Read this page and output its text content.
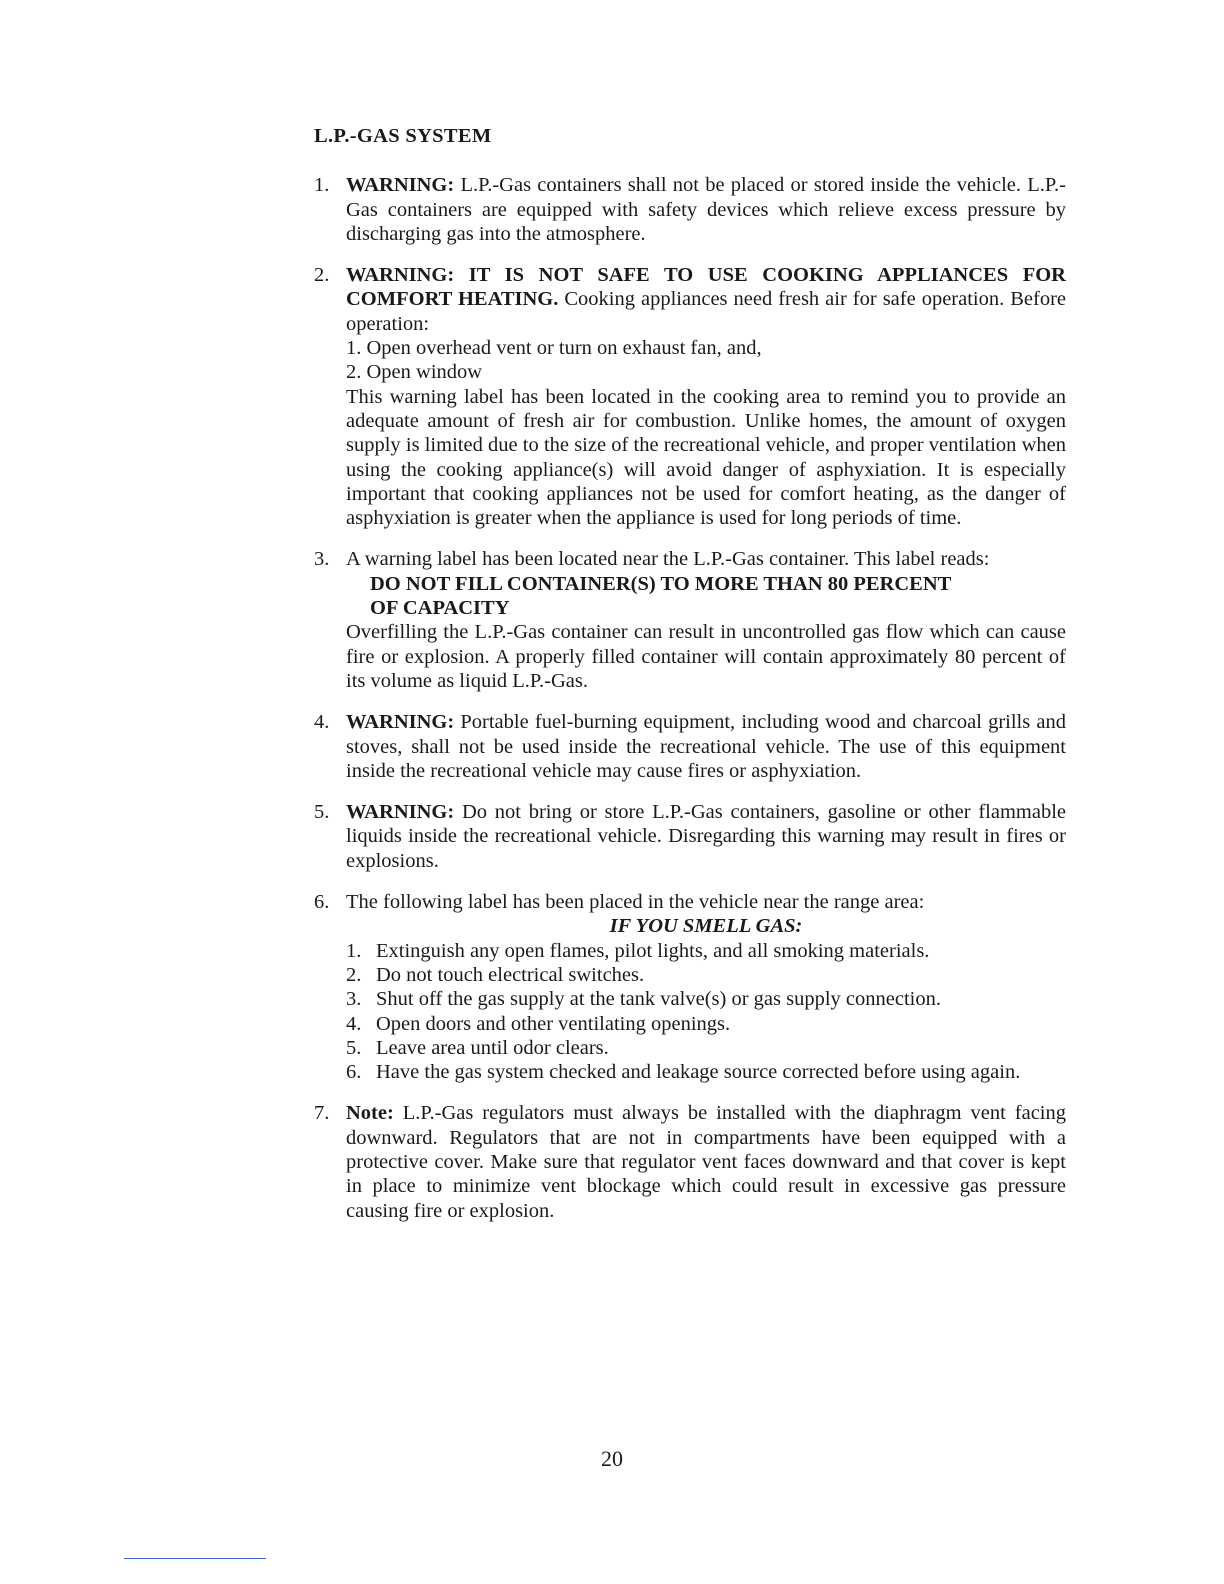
L.P.-GAS SYSTEM
1. WARNING: L.P.-Gas containers shall not be placed or stored inside the vehicle. L.P.-Gas containers are equipped with safety devices which relieve excess pressure by discharging gas into the atmosphere.
2. WARNING: IT IS NOT SAFE TO USE COOKING APPLIANCES FOR COMFORT HEATING. Cooking appliances need fresh air for safe operation. Before operation:
1. Open overhead vent or turn on exhaust fan, and,
2. Open window
This warning label has been located in the cooking area to remind you to provide an adequate amount of fresh air for combustion. Unlike homes, the amount of oxygen supply is limited due to the size of the recreational vehicle, and proper ventilation when using the cooking appliance(s) will avoid danger of asphyxiation. It is especially important that cooking appliances not be used for comfort heating, as the danger of asphyxiation is greater when the appliance is used for long periods of time.
3. A warning label has been located near the L.P.-Gas container. This label reads:
DO NOT FILL CONTAINER(S) TO MORE THAN 80 PERCENT
OF CAPACITY
Overfilling the L.P.-Gas container can result in uncontrolled gas flow which can cause fire or explosion. A properly filled container will contain approximately 80 percent of its volume as liquid L.P.-Gas.
4. WARNING: Portable fuel-burning equipment, including wood and charcoal grills and stoves, shall not be used inside the recreational vehicle. The use of this equipment inside the recreational vehicle may cause fires or asphyxiation.
5. WARNING: Do not bring or store L.P.-Gas containers, gasoline or other flammable liquids inside the recreational vehicle. Disregarding this warning may result in fires or explosions.
6. The following label has been placed in the vehicle near the range area:
IF YOU SMELL GAS:
1. Extinguish any open flames, pilot lights, and all smoking materials.
2. Do not touch electrical switches.
3. Shut off the gas supply at the tank valve(s) or gas supply connection.
4. Open doors and other ventilating openings.
5. Leave area until odor clears.
6. Have the gas system checked and leakage source corrected before using again.
7. Note: L.P.-Gas regulators must always be installed with the diaphragm vent facing downward. Regulators that are not in compartments have been equipped with a protective cover. Make sure that regulator vent faces downward and that cover is kept in place to minimize vent blockage which could result in excessive gas pressure causing fire or explosion.
20
